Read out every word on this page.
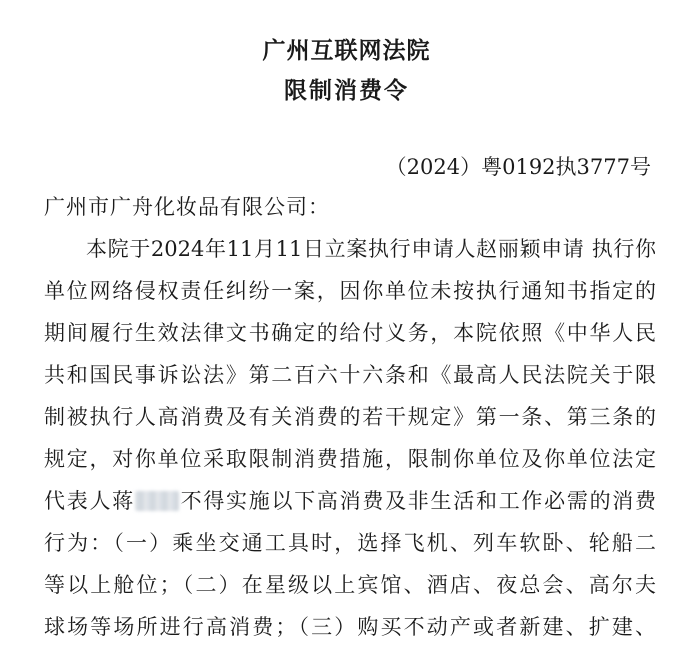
广州互联网法院
限制消费令
（2024）粤0192执3777号
广州市广舟化妆品有限公司：
本院于2024年11月11日立案执行申请人赵丽颖申请 执行你
单位网络侵权责任纠纷一案，因你单位未按执行通知书指定的
期间履行生效法律文书确定的给付义务，本院依照《中华人民
共和国民事诉讼法》第二百六十六条和《最高人民法院关于限
制被执行人高消费及有关消费的若干规定》第一条、第三条的
规定，对你单位采取限制消费措施，限制你单位及你单位法定
代表人蒋 不得实施以下高消费及非生活和工作必需的消费
行为：（一）乘坐交通工具时，选择飞机、列车软卧、轮船二
等以上舱位；（二）在星级以上宾馆、酒店、夜总会、高尔夫
球场等场所进行高消费；（三）购买不动产或者新建、扩建、
